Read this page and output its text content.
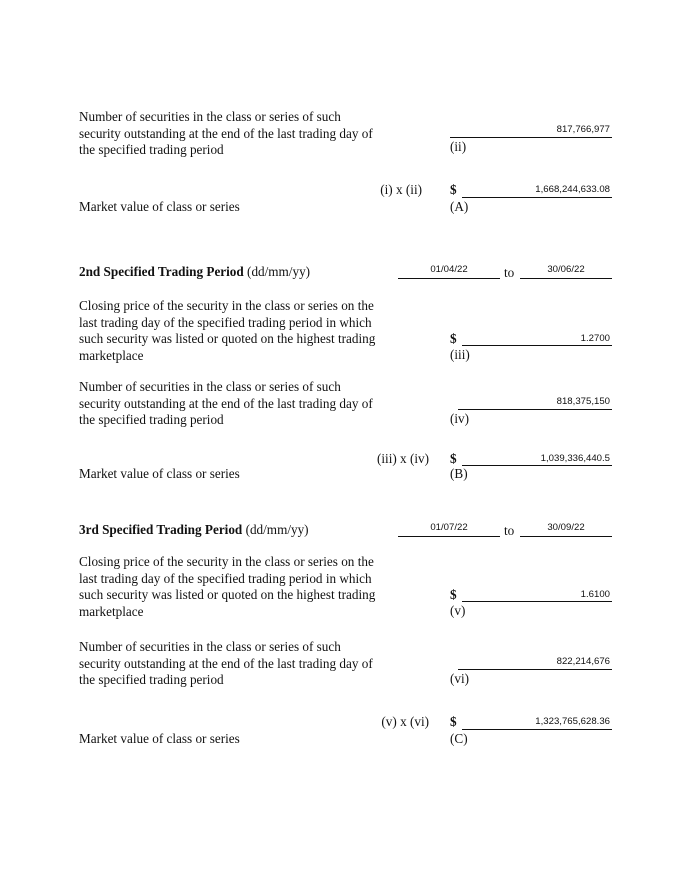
Number of securities in the class or series of such
security outstanding at the end of the last trading day of
the specified trading period
817,766,977
(ii)
(i) x (ii) $	1,668,244,633.08
Market value of class or series	(A)
2nd Specified Trading Period (dd/mm/yy)	01/04/22	to	30/06/22
Closing price of the security in the class or series on the
last trading day of the specified trading period in which
such security was listed or quoted on the highest trading
marketplace
$	1.2700
(iii)
Number of securities in the class or series of such
security outstanding at the end of the last trading day of
the specified trading period
818,375,150
(iv)
(iii) x (iv) $	1,039,336,440.5
Market value of class or series	(B)
3rd Specified Trading Period (dd/mm/yy)	01/07/22	to	30/09/22
Closing price of the security in the class or series on the
last trading day of the specified trading period in which
such security was listed or quoted on the highest trading
marketplace
$	1.6100
(v)
Number of securities in the class or series of such
security outstanding at the end of the last trading day of
the specified trading period
822,214,676
(vi)
(v) x (vi) $	1,323,765,628.36
Market value of class or series	(C)
